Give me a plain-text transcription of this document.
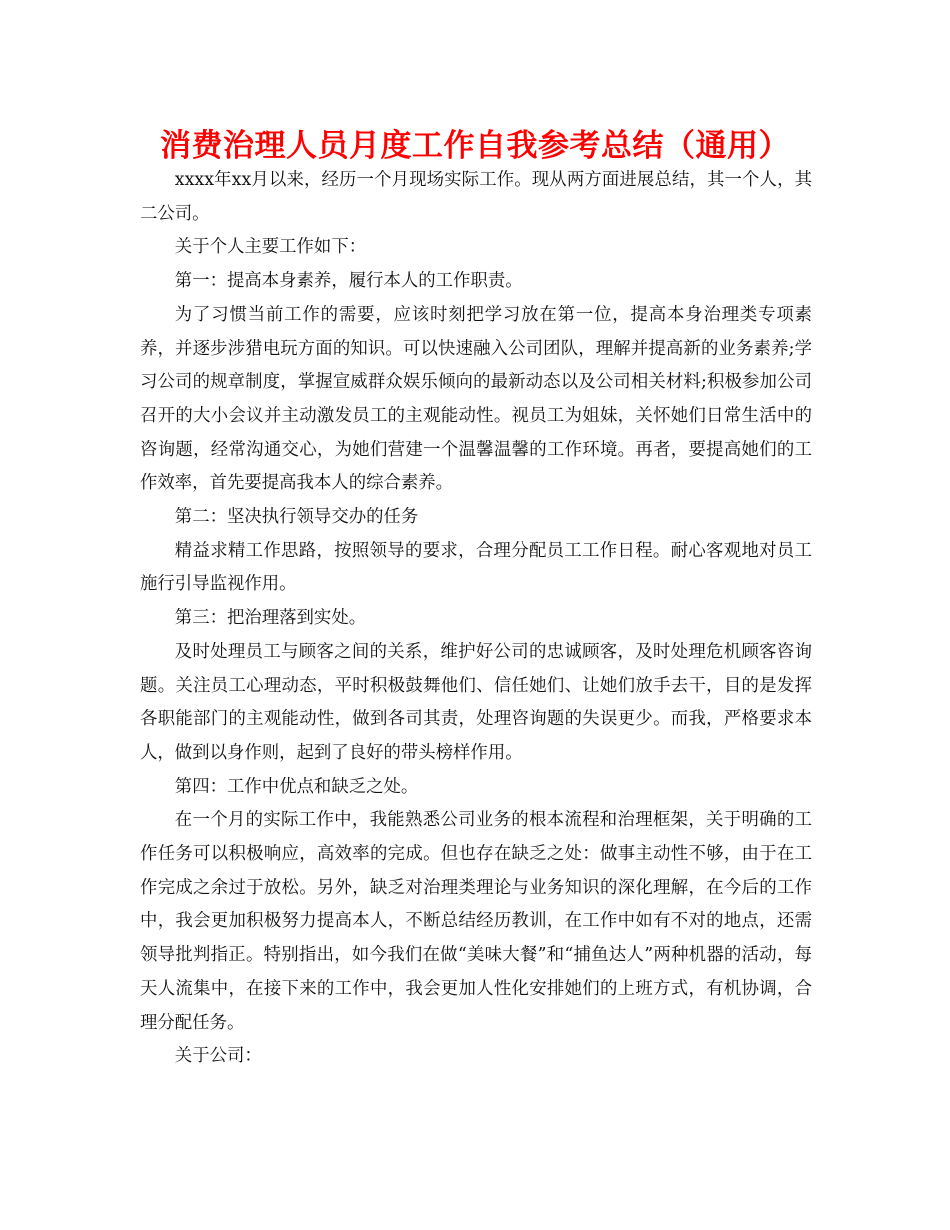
消费治理人员月度工作自我参考总结（通用）

xxxx年xx月以来，经历一个月现场实际工作。现从两方面进展总结，其一个人，其二公司。

关于个人主要工作如下：

第一：提高本身素养，履行本人的工作职责。

为了习惯当前工作的需要，应该时刻把学习放在第一位，提高本身治理类专项素养，并逐步涉猎电玩方面的知识。可以快速融入公司团队，理解并提高新的业务素养;学习公司的规章制度，掌握宣威群众娱乐倾向的最新动态以及公司相关材料;积极参加公司召开的大小会议并主动激发员工的主观能动性。视员工为姐妹，关怀她们日常生活中的咨询题，经常沟通交心，为她们营建一个温馨温馨的工作环境。再者，要提高她们的工作效率，首先要提高我本人的综合素养。

第二：坚决执行领导交办的任务

精益求精工作思路，按照领导的要求，合理分配员工工作日程。耐心客观地对员工施行引导监视作用。

第三：把治理落到实处。

及时处理员工与顾客之间的关系，维护好公司的忠诚顾客，及时处理危机顾客咨询题。关注员工心理动态，平时积极鼓舞他们、信任她们、让她们放手去干，目的是发挥各职能部门的主观能动性，做到各司其责，处理咨询题的失误更少。而我，严格要求本人，做到以身作则，起到了良好的带头榜样作用。

第四：工作中优点和缺乏之处。

在一个月的实际工作中，我能熟悉公司业务的根本流程和治理框架，关于明确的工作任务可以积极响应，高效率的完成。但也存在缺乏之处：做事主动性不够，由于在工作完成之余过于放松。另外，缺乏对治理类理论与业务知识的深化理解，在今后的工作中，我会更加积极努力提高本人，不断总结经历教训，在工作中如有不对的地点，还需领导批判指正。特别指出，如今我们在做“美味大餐”和“捕鱼达人”两种机器的活动，每天人流集中，在接下来的工作中，我会更加人性化安排她们的上班方式，有机协调，合理分配任务。

关于公司：
